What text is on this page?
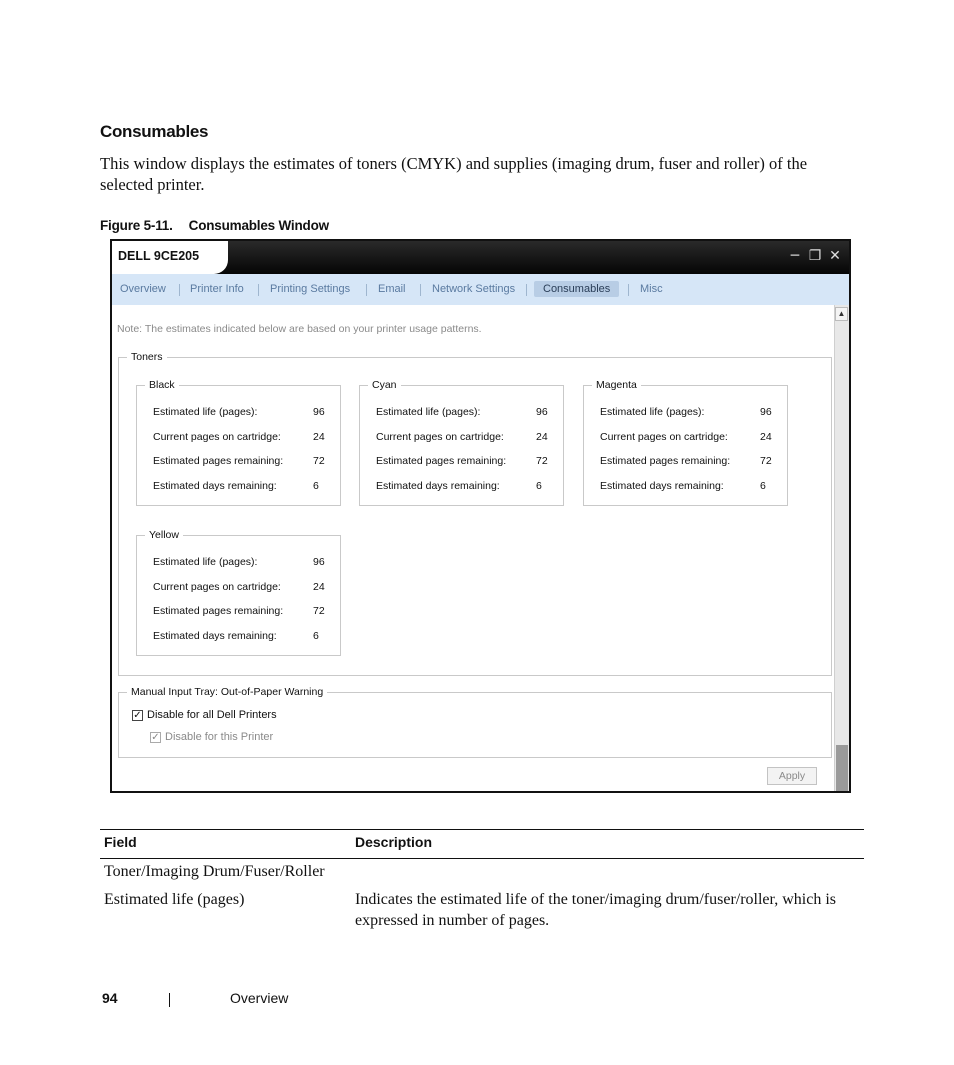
Consumables
This window displays the estimates of toners (CMYK) and supplies (imaging drum, fuser and roller) of the selected printer.
Figure 5-11. Consumables Window
DELL 9CE205	─ ❐ ✕
Overview Printer Info Printing Settings	Email Network Settings	Consumables	Misc
Note: The estimates indicated below are based on your printer usage patterns.
Toners
Black
Estimated life (pages):	96
Current pages on cartridge:	24
Estimated pages remaining:	72
Estimated days remaining:	6
Cyan
Estimated life (pages):	96
Current pages on cartridge:	24
Estimated pages remaining:	72
Estimated days remaining:	6
Magenta
Estimated life (pages):	96
Current pages on cartridge:	24
Estimated pages remaining:	72
Estimated days remaining:	6
Yellow
Estimated life (pages):	96
Current pages on cartridge:	24
Estimated pages remaining:	72
Estimated days remaining:	6
Manual Input Tray: Out-of-Paper Warning
✓ Disable for all Dell Printers
✓ Disable for this Printer
Apply
▲
Field	Description
Toner/Imaging Drum/Fuser/Roller
Estimated life (pages)	Indicates the estimated life of the toner/imaging drum/fuser/roller, which is expressed in number of pages.
94	Overview
